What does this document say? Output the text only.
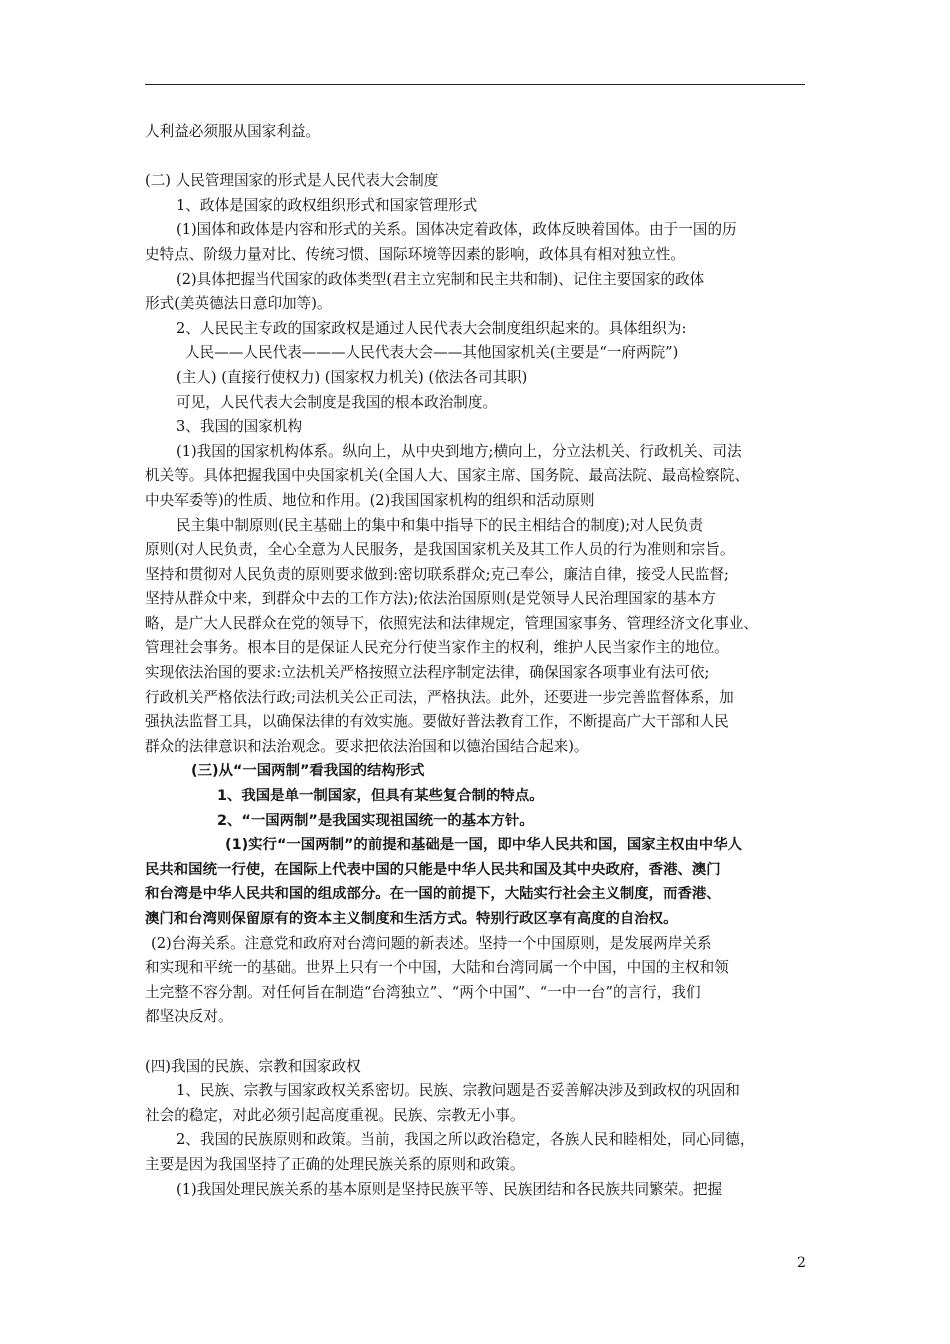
人利益必须服从国家利益。
(二) 人民管理国家的形式是人民代表大会制度
1、政体是国家的政权组织形式和国家管理形式
(1)国体和政体是内容和形式的关系。国体决定着政体，政体反映着国体。由于一国的历
史特点、阶级力量对比、传统习惯、国际环境等因素的影响，政体具有相对独立性。
(2)具体把握当代国家的政体类型(君主立宪制和民主共和制)、记住主要国家的政体
形式(美英德法日意印加等)。
2、人民民主专政的国家政权是通过人民代表大会制度组织起来的。具体组织为:
人民——人民代表———人民代表大会——其他国家机关(主要是“一府两院”)
(主人) (直接行使权力) (国家权力机关) (依法各司其职)
可见，人民代表大会制度是我国的根本政治制度。
3、我国的国家机构
(1)我国的国家机构体系。纵向上，从中央到地方;横向上，分立法机关、行政机关、司法
机关等。具体把握我国中央国家机关(全国人大、国家主席、国务院、最高法院、最高检察院、
中央军委等)的性质、地位和作用。(2)我国国家机构的组织和活动原则
民主集中制原则(民主基础上的集中和集中指导下的民主相结合的制度);对人民负责
原则(对人民负责，全心全意为人民服务，是我国国家机关及其工作人员的行为准则和宗旨。
坚持和贯彻对人民负责的原则要求做到:密切联系群众;克己奉公，廉洁自律，接受人民监督;
坚持从群众中来，到群众中去的工作方法);依法治国原则(是党领导人民治理国家的基本方
略，是广大人民群众在党的领导下，依照宪法和法律规定，管理国家事务、管理经济文化事业、
管理社会事务。根本目的是保证人民充分行使当家作主的权利，维护人民当家作主的地位。
实现依法治国的要求:立法机关严格按照立法程序制定法律，确保国家各项事业有法可依;
行政机关严格依法行政;司法机关公正司法，严格执法。此外，还要进一步完善监督体系，加
强执法监督工具，以确保法律的有效实施。要做好普法教育工作，不断提高广大干部和人民
群众的法律意识和法治观念。要求把依法治国和以德治国结合起来)。
(三)从“一国两制”看我国的结构形式
1、我国是单一制国家，但具有某些复合制的特点。
2、“一国两制”是我国实现祖国统一的基本方针。
(1)实行“一国两制”的前提和基础是一国，即中华人民共和国，国家主权由中华人
民共和国统一行使，在国际上代表中国的只能是中华人民共和国及其中央政府，香港、澳门
和台湾是中华人民共和国的组成部分。在一国的前提下，大陆实行社会主义制度，而香港、
澳门和台湾则保留原有的资本主义制度和生活方式。特别行政区享有高度的自治权。
(2)台海关系。注意党和政府对台湾问题的新表述。坚持一个中国原则，是发展两岸关系
和实现和平统一的基础。世界上只有一个中国，大陆和台湾同属一个中国，中国的主权和领
土完整不容分割。对任何旨在制造“台湾独立”、“两个中国”、“一中一台”的言行，我们
都坚决反对。
(四)我国的民族、宗教和国家政权
1、民族、宗教与国家政权关系密切。民族、宗教问题是否妥善解决涉及到政权的巩固和
社会的稳定，对此必须引起高度重视。民族、宗教无小事。
2、我国的民族原则和政策。当前，我国之所以政治稳定，各族人民和睦相处，同心同德，
主要是因为我国坚持了正确的处理民族关系的原则和政策。
(1)我国处理民族关系的基本原则是坚持民族平等、民族团结和各民族共同繁荣。把握
2
